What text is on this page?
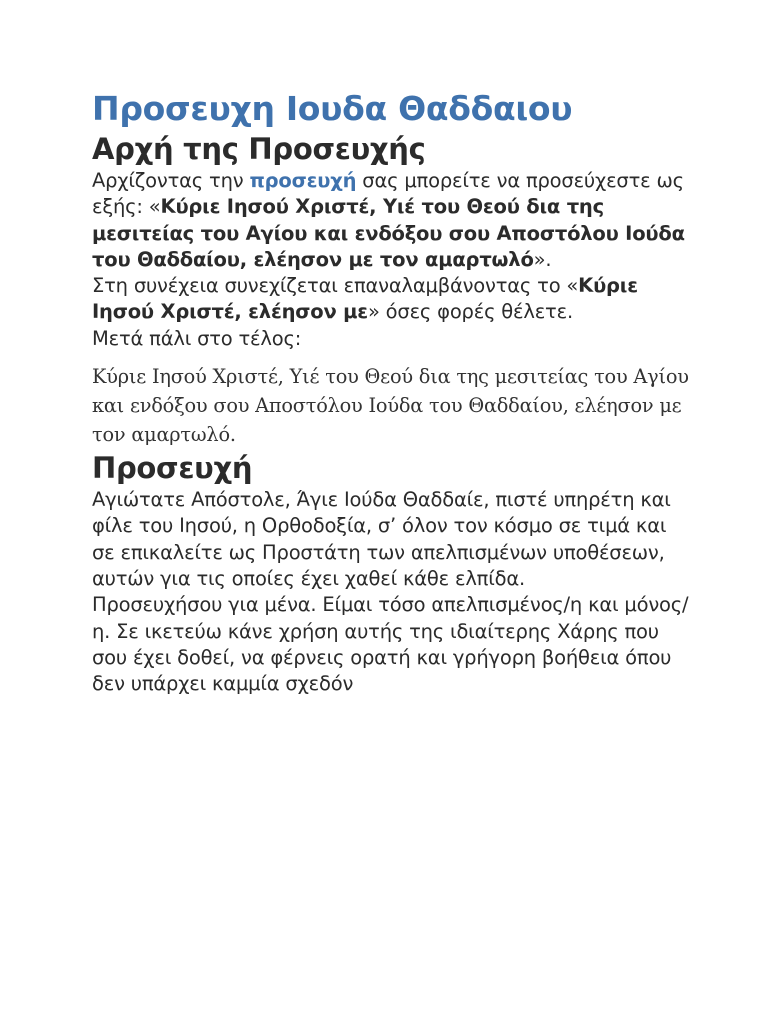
Προσευχη Ιουδα Θαδδαιου
Αρχή της Προσευχής

Αρχίζοντας την προσευχή σας μπορείτε να προσεύχεστε ως εξής: «Κύριε Ιησού Χριστέ, Υιέ του Θεού δια της μεσιτείας του Αγίου και ενδόξου σου Αποστόλου Ιούδα του Θαδδαίου, ελέησον με τον αμαρτωλό».
Στη συνέχεια συνεχίζεται επαναλαμβάνοντας το «Κύριε Ιησού Χριστέ, ελέησον με» όσες φορές θέλετε.

Μετά πάλι στο τέλος:

Κύριε Ιησού Χριστέ, Υιέ του Θεού δια της μεσιτείας του Αγίου και ενδόξου σου Αποστόλου Ιούδα του Θαδδαίου, ελέησον με τον αμαρτωλό.

Προσευχή

Αγιώτατε Απόστολε, Άγιε Ιούδα Θαδδαίε, πιστέ υπηρέτη και φίλε του Ιησού, η Ορθοδοξία, σ’ όλον τον κόσμο σε τιμά και σε επικαλείτε ως Προστάτη των απελπισμένων υποθέσεων, αυτών για τις οποίες έχει χαθεί κάθε ελπίδα.
Προσευχήσου για μένα. Είμαι τόσο απελπισμένος/η και μόνος/η. Σε ικετεύω κάνε χρήση αυτής της ιδιαίτερης Χάρης που σου έχει δοθεί, να φέρνεις ορατή και γρήγορη βοήθεια όπου δεν υπάρχει καμμία σχεδόν
